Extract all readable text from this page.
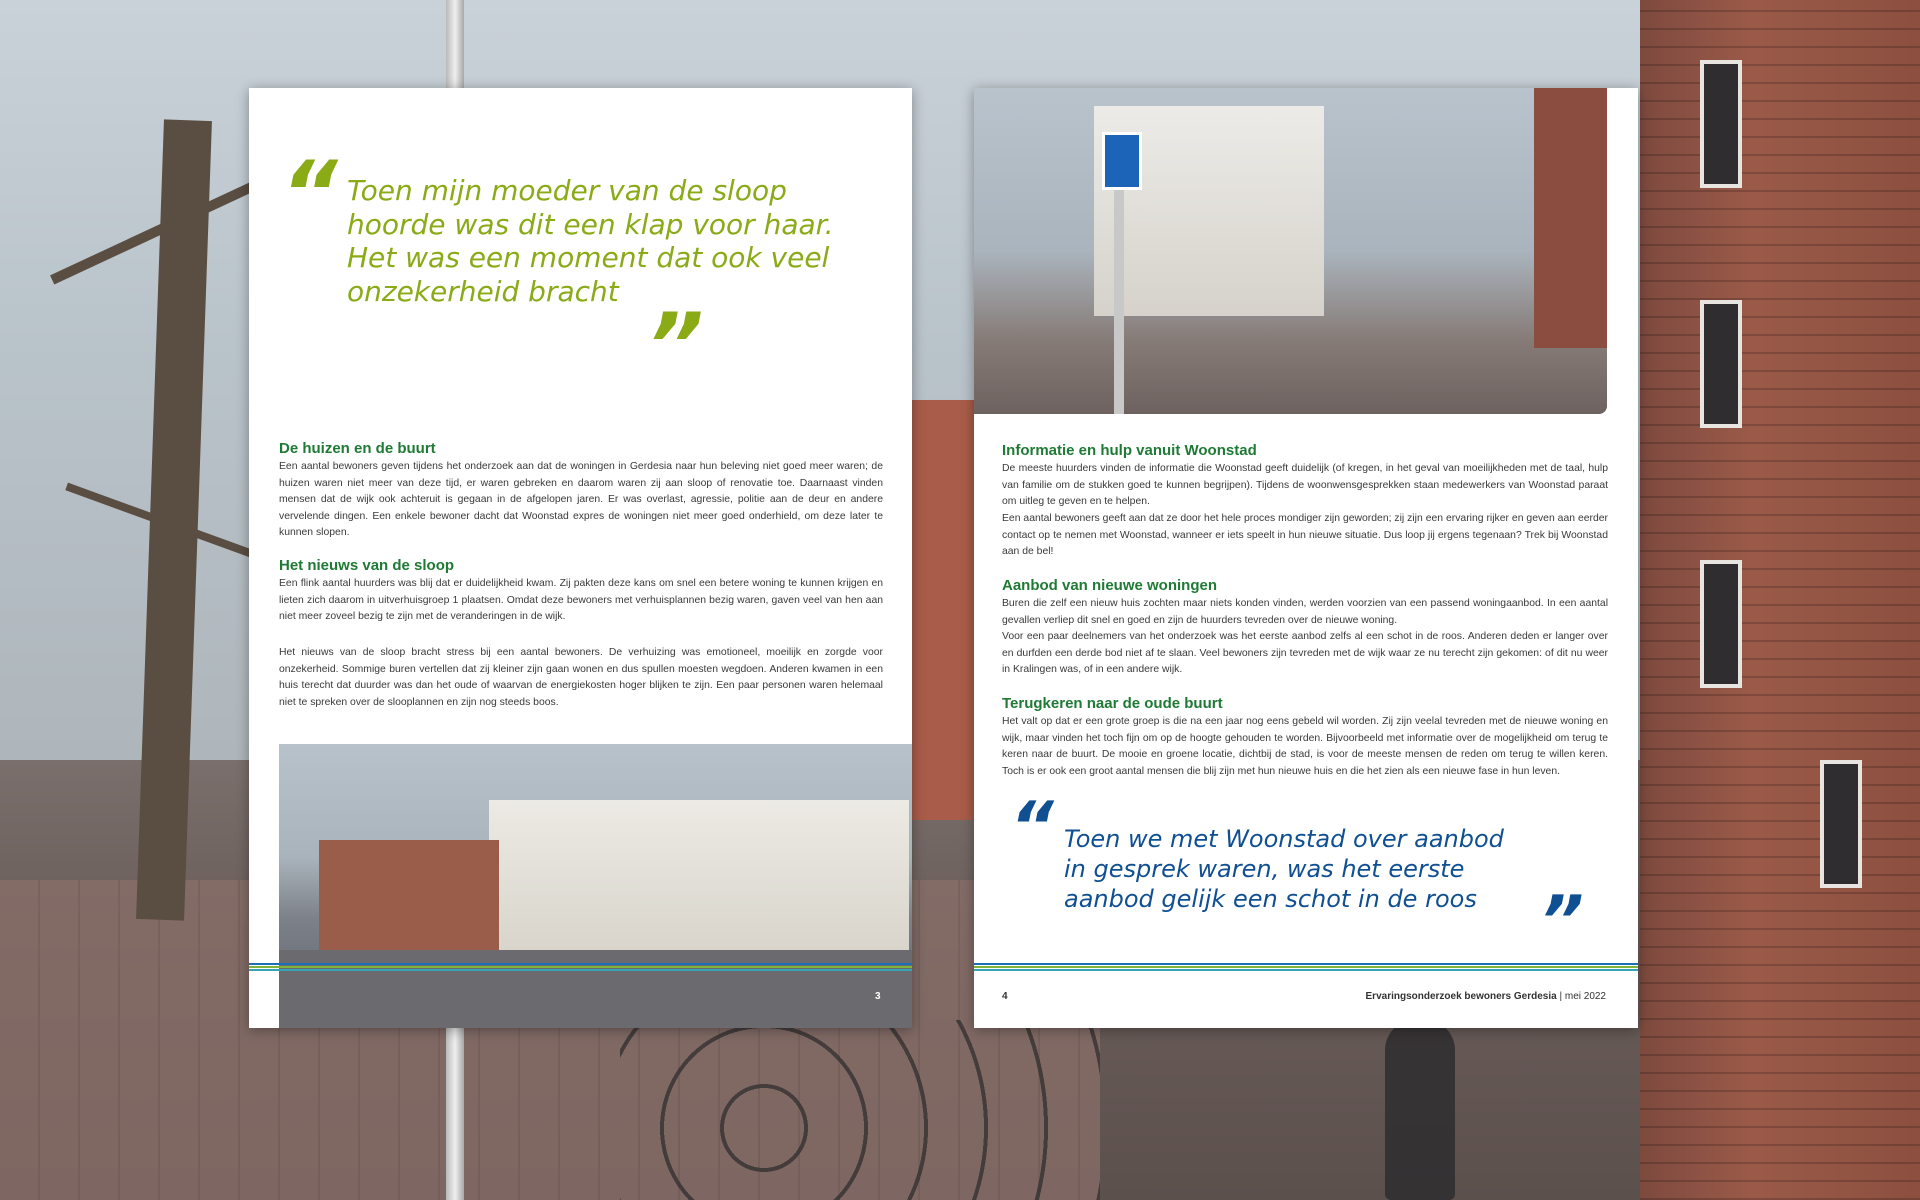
“ Toen mijn moeder van de sloop
hoorde was dit een klap voor haar.
Het was een moment dat ook veel
onzekerheid bracht
”
De huizen en de buurt

Een aantal bewoners geven tijdens het onderzoek aan dat de woningen in Gerdesia naar hun beleving niet goed meer waren; de huizen waren niet meer van deze tijd, er waren gebreken en daarom waren zij aan sloop of renovatie toe. Daarnaast vinden mensen dat de wijk ook achteruit is gegaan in de afgelopen jaren. Er was overlast, agressie, politie aan de deur en andere vervelende dingen. Een enkele bewoner dacht dat Woonstad expres de woningen niet meer goed onderhield, om deze later te kunnen slopen.

Het nieuws van de sloop

Een flink aantal huurders was blij dat er duidelijkheid kwam. Zij pakten deze kans om snel een betere woning te kunnen krijgen en lieten zich daarom in uitverhuisgroep 1 plaatsen. Omdat deze bewoners met verhuisplannen bezig waren, gaven veel van hen aan niet meer zoveel bezig te zijn met de veranderingen in de wijk.

Het nieuws van de sloop bracht stress bij een aantal bewoners. De verhuizing was emotioneel, moeilijk en zorgde voor onzekerheid. Sommige buren vertellen dat zij kleiner zijn gaan wonen en dus spullen moesten wegdoen. Anderen kwamen in een huis terecht dat duurder was dan het oude of waarvan de energiekosten hoger blijken te zijn. Een paar personen waren helemaal niet te spreken over de slooplannen en zijn nog steeds boos.

3
Informatie en hulp vanuit Woonstad

De meeste huurders vinden de informatie die Woonstad geeft duidelijk (of kregen, in het geval van moeilijkheden met de taal, hulp van familie om de stukken goed te kunnen begrijpen). Tijdens de woonwensgesprekken staan medewerkers van Woonstad paraat om uitleg te geven en te helpen.

Een aantal bewoners geeft aan dat ze door het hele proces mondiger zijn geworden; zij zijn een ervaring rijker en geven aan eerder contact op te nemen met Woonstad, wanneer er iets speelt in hun nieuwe situatie. Dus loop jij ergens tegenaan? Trek bij Woonstad aan de bel!

Aanbod van nieuwe woningen

Buren die zelf een nieuw huis zochten maar niets konden vinden, werden voorzien van een passend woningaanbod. In een aantal gevallen verliep dit snel en goed en zijn de huurders tevreden over de nieuwe woning.

Voor een paar deelnemers van het onderzoek was het eerste aanbod zelfs al een schot in de roos. Anderen deden er langer over en durfden een derde bod niet af te slaan. Veel bewoners zijn tevreden met de wijk waar ze nu terecht zijn gekomen: of dit nu weer in Kralingen was, of in een andere wijk.

Terugkeren naar de oude buurt

Het valt op dat er een grote groep is die na een jaar nog eens gebeld wil worden. Zij zijn veelal tevreden met de nieuwe woning en wijk, maar vinden het toch fijn om op de hoogte gehouden te worden. Bijvoorbeeld met informatie over de mogelijkheid om terug te keren naar de buurt. De mooie en groene locatie, dichtbij de stad, is voor de meeste mensen de reden om terug te willen keren. Toch is er ook een groot aantal mensen die blij zijn met hun nieuwe huis en die het zien als een nieuwe fase in hun leven.

“ Toen we met Woonstad over aanbod
in gesprek waren, was het eerste
aanbod gelijk een schot in de roos ”
4	Ervaringsonderzoek bewoners Gerdesia | mei 2022
